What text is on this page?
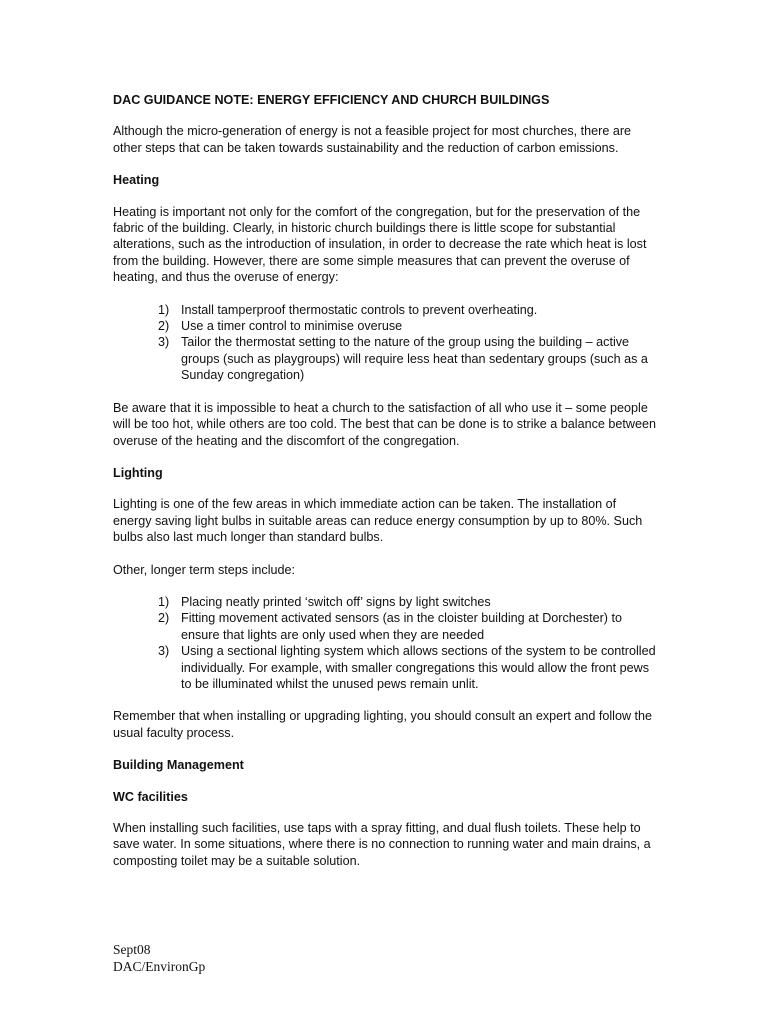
DAC GUIDANCE NOTE: ENERGY EFFICIENCY AND CHURCH BUILDINGS

Although the micro-generation of energy is not a feasible project for most churches, there are other steps that can be taken towards sustainability and the reduction of carbon emissions.

Heating

Heating is important not only for the comfort of the congregation, but for the preservation of the fabric of the building. Clearly, in historic church buildings there is little scope for substantial alterations, such as the introduction of insulation, in order to decrease the rate which heat is lost from the building. However, there are some simple measures that can prevent the overuse of heating, and thus the overuse of energy:

1) Install tamperproof thermostatic controls to prevent overheating.
2) Use a timer control to minimise overuse
3) Tailor the thermostat setting to the nature of the group using the building – active groups (such as playgroups) will require less heat than sedentary groups (such as a Sunday congregation)

Be aware that it is impossible to heat a church to the satisfaction of all who use it – some people will be too hot, while others are too cold. The best that can be done is to strike a balance between overuse of the heating and the discomfort of the congregation.

Lighting

Lighting is one of the few areas in which immediate action can be taken. The installation of energy saving light bulbs in suitable areas can reduce energy consumption by up to 80%. Such bulbs also last much longer than standard bulbs.

Other, longer term steps include:

1) Placing neatly printed ‘switch off’ signs by light switches
2) Fitting movement activated sensors (as in the cloister building at Dorchester) to ensure that lights are only used when they are needed
3) Using a sectional lighting system which allows sections of the system to be controlled individually. For example, with smaller congregations this would allow the front pews to be illuminated whilst the unused pews remain unlit.

Remember that when installing or upgrading lighting, you should consult an expert and follow the usual faculty process.

Building Management
WC facilities

When installing such facilities, use taps with a spray fitting, and dual flush toilets. These help to save water. In some situations, where there is no connection to running water and main drains, a composting toilet may be a suitable solution.

Sept08
DAC/EnvironGp
